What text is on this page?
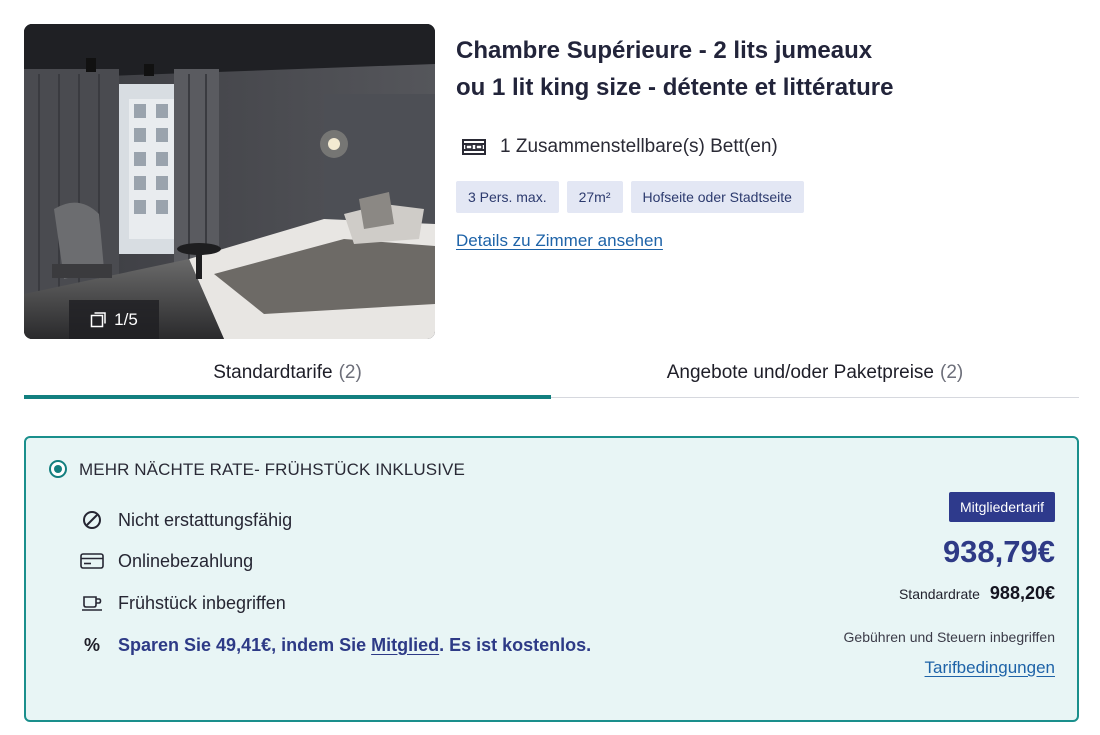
1/5
Chambre Supérieure - 2 lits jumeaux
ou 1 lit king size - détente et littérature
1 Zusammenstellbare(s) Bett(en)
3 Pers. max.	27m²	Hofseite oder Stadtseite
Details zu Zimmer ansehen
Standardtarife (2)	Angebote und/oder Paketpreise (2)
MEHR NÄCHTE RATE- FRÜHSTÜCK INKLUSIVE
Nicht erstattungsfähig
Onlinebezahlung
Frühstück inbegriffen
% Sparen Sie 49,41€, indem Sie Mitglied. Es ist kostenlos.
Mitgliedertarif
938,79€
Standardrate 988,20€
Gebühren und Steuern inbegriffen
Tarifbedingungen
